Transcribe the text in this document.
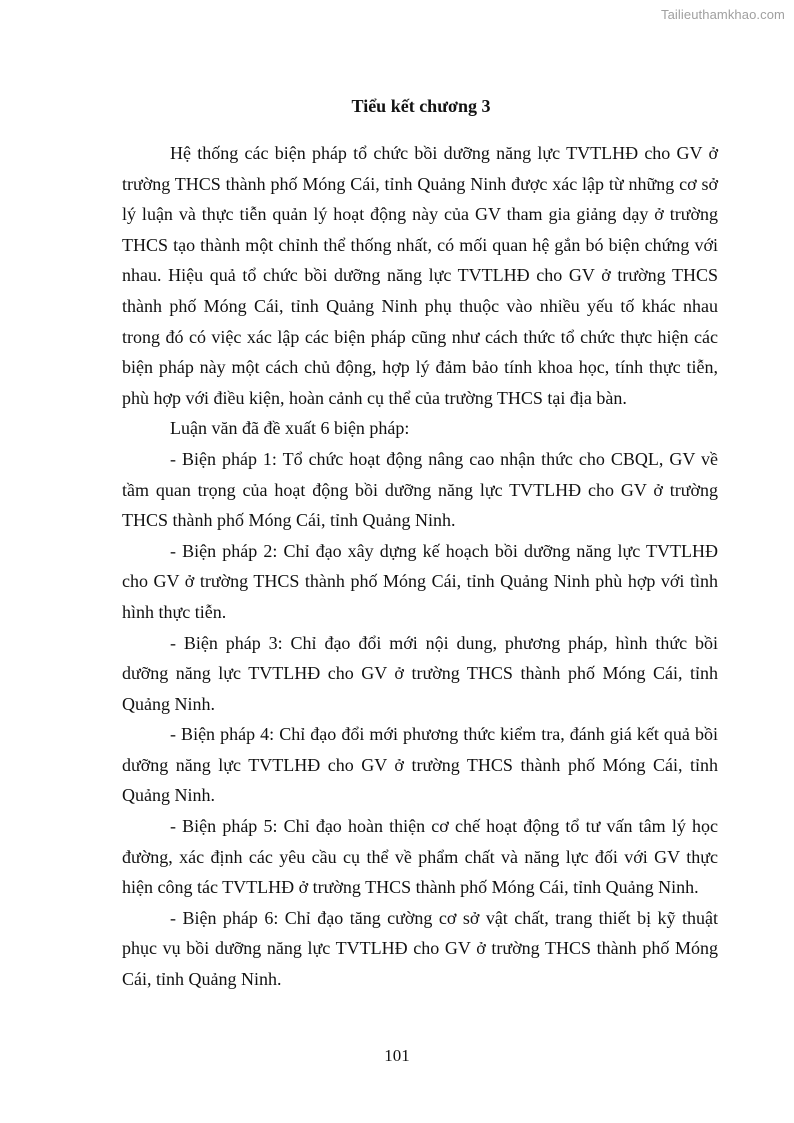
Tailieuthamkhao.com
Tiểu kết chương 3

Hệ thống các biện pháp tổ chức bồi dưỡng năng lực TVTLHĐ cho GV ở trường THCS thành phố Móng Cái, tỉnh Quảng Ninh được xác lập từ những cơ sở lý luận và thực tiễn quản lý hoạt động này của GV tham gia giảng dạy ở trường THCS tạo thành một chỉnh thể thống nhất, có mối quan hệ gắn bó biện chứng với nhau. Hiệu quả tổ chức bồi dưỡng năng lực TVTLHĐ cho GV ở trường THCS thành phố Móng Cái, tỉnh Quảng Ninh phụ thuộc vào nhiều yếu tố khác nhau trong đó có việc xác lập các biện pháp cũng như cách thức tổ chức thực hiện các biện pháp này một cách chủ động, hợp lý đảm bảo tính khoa học, tính thực tiễn, phù hợp với điều kiện, hoàn cảnh cụ thể của trường THCS tại địa bàn.

Luận văn đã đề xuất 6 biện pháp:

- Biện pháp 1: Tổ chức hoạt động nâng cao nhận thức cho CBQL, GV về tầm quan trọng của hoạt động bồi dưỡng năng lực TVTLHĐ cho GV ở trường THCS thành phố Móng Cái, tỉnh Quảng Ninh.

- Biện pháp 2: Chỉ đạo xây dựng kế hoạch bồi dưỡng năng lực TVTLHĐ cho GV ở trường THCS thành phố Móng Cái, tỉnh Quảng Ninh phù hợp với tình hình thực tiễn.

- Biện pháp 3: Chỉ đạo đổi mới nội dung, phương pháp, hình thức bồi dưỡng năng lực TVTLHĐ cho GV ở trường THCS thành phố Móng Cái, tỉnh Quảng Ninh.

- Biện pháp 4: Chỉ đạo đổi mới phương thức kiểm tra, đánh giá kết quả bồi dưỡng năng lực TVTLHĐ cho GV ở trường THCS thành phố Móng Cái, tỉnh Quảng Ninh.

- Biện pháp 5: Chỉ đạo hoàn thiện cơ chế hoạt động tổ tư vấn tâm lý học đường, xác định các yêu cầu cụ thể về phẩm chất và năng lực đối với GV thực hiện công tác TVTLHĐ ở trường THCS thành phố Móng Cái, tỉnh Quảng Ninh.

- Biện pháp 6: Chỉ đạo tăng cường cơ sở vật chất, trang thiết bị kỹ thuật phục vụ bồi dưỡng năng lực TVTLHĐ cho GV ở trường THCS thành phố Móng Cái, tỉnh Quảng Ninh.

101
